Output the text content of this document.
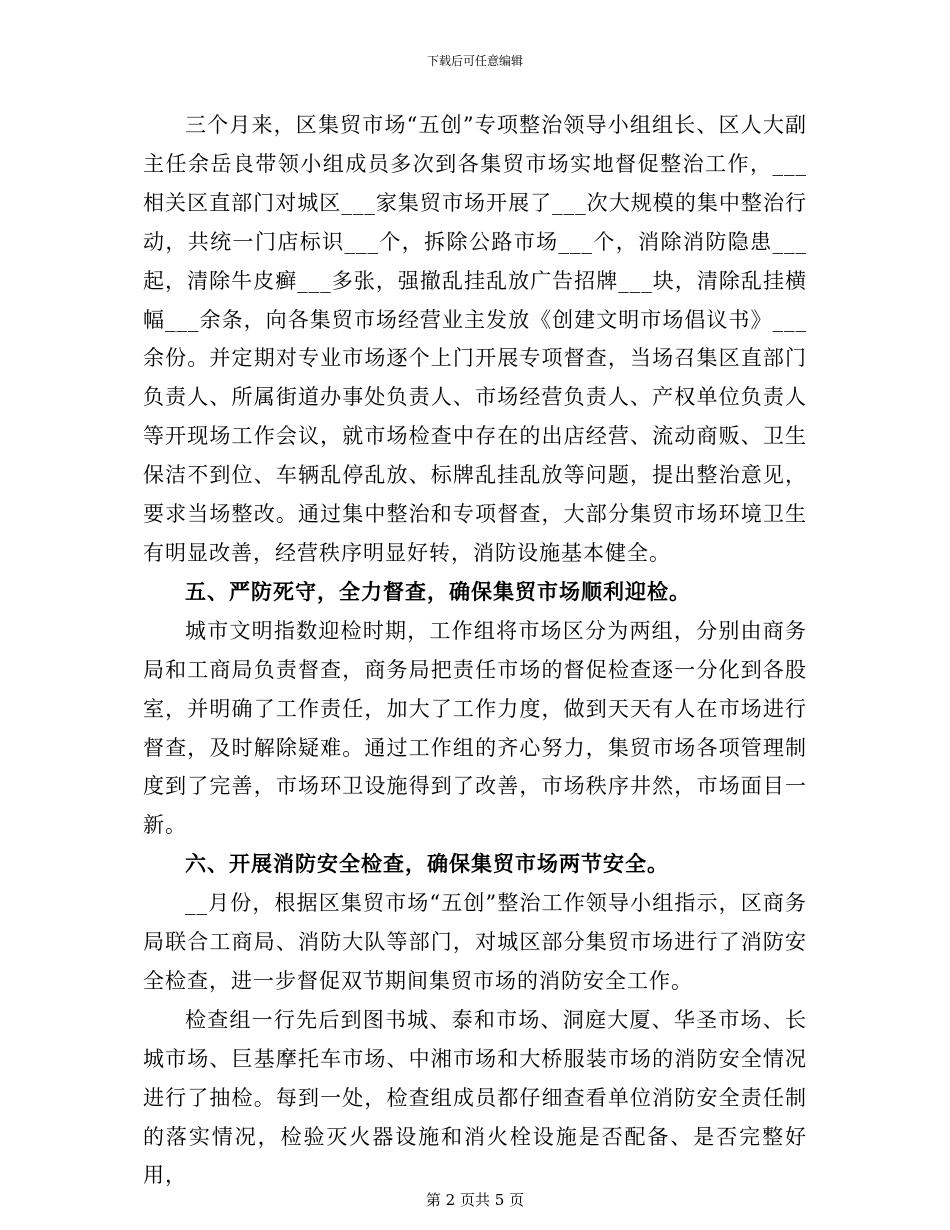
下载后可任意编辑

三个月来，区集贸市场“五创”专项整治领导小组组长、区人大副主任余岳良带领小组成员多次到各集贸市场实地督促整治工作，___相关区直部门对城区___家集贸市场开展了___次大规模的集中整治行动，共统一门店标识___个，拆除公路市场___个，消除消防隐患___起，清除牛皮癣___多张，强撤乱挂乱放广告招牌___块，清除乱挂横幅___余条，向各集贸市场经营业主发放《创建文明市场倡议书》___余份。并定期对专业市场逐个上门开展专项督查，当场召集区直部门负责人、所属街道办事处负责人、市场经营负责人、产权单位负责人等开现场工作会议，就市场检查中存在的出店经营、流动商贩、卫生保洁不到位、车辆乱停乱放、标牌乱挂乱放等问题，提出整治意见，要求当场整改。通过集中整治和专项督查，大部分集贸市场环境卫生有明显改善，经营秩序明显好转，消防设施基本健全。

五、严防死守，全力督查，确保集贸市场顺利迎检。

城市文明指数迎检时期，工作组将市场区分为两组，分别由商务局和工商局负责督查，商务局把责任市场的督促检查逐一分化到各股室，并明确了工作责任，加大了工作力度，做到天天有人在市场进行督查，及时解除疑难。通过工作组的齐心努力，集贸市场各项管理制度到了完善，市场环卫设施得到了改善，市场秩序井然，市场面目一新。

六、开展消防安全检查，确保集贸市场两节安全。

__月份，根据区集贸市场“五创”整治工作领导小组指示，区商务局联合工商局、消防大队等部门，对城区部分集贸市场进行了消防安全检查，进一步督促双节期间集贸市场的消防安全工作。

检查组一行先后到图书城、泰和市场、洞庭大厦、华圣市场、长城市场、巨基摩托车市场、中湘市场和大桥服装市场的消防安全情况进行了抽检。每到一处，检查组成员都仔细查看单位消防安全责任制的落实情况，检验灭火器设施和消火栓设施是否配备、是否完整好用，

第 2 页共 5 页
